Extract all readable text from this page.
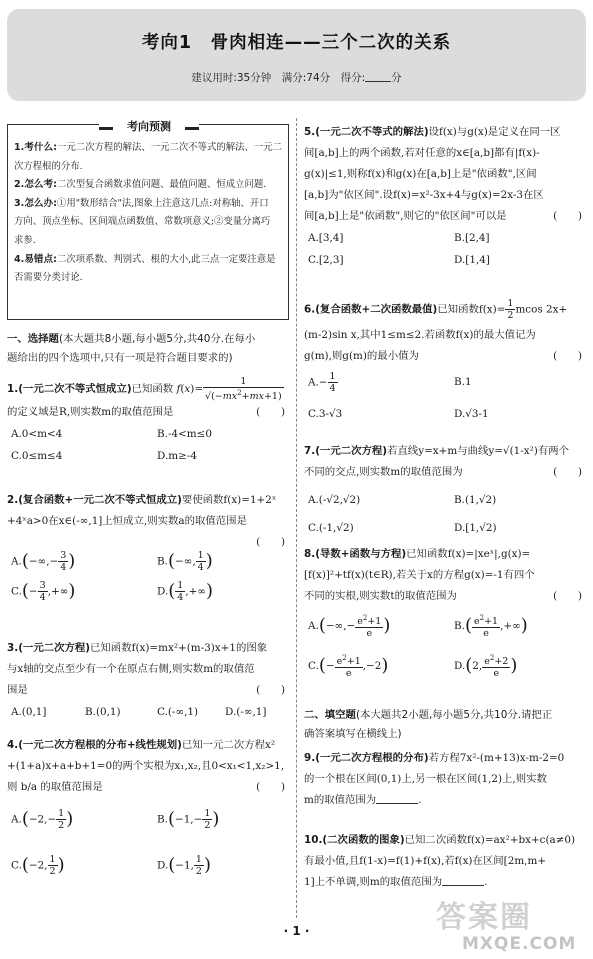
考向1　骨肉相连——三个二次的关系
建议用时:35分钟　满分:74分　得分: 分
考向预测
1.考什么:一元二次方程的解法、一元二次不等式的解法、一元二
次方程根的分布.
2.怎么考:二次型复合函数求值问题、最值问题、恒成立问题.
3.怎么办:①用"数形结合"法,图象上注意这几点:对称轴、开口
方向、顶点坐标、区间端点函数值、常数项意义;②变量分离巧
求参.
4.易错点:二次项系数、判别式、根的大小,此三点一定要注意是
否需要分类讨论.
一、选择题(本大题共8小题,每小题5分,共40分.在每小
题给出的四个选项中,只有一项是符合题目要求的)
1.(一元二次不等式恒成立)已知函数 $f(x)= \frac{1}{√(-mx^2+mx+1)}$
的定义域是R,则实数m的取值范围是	(　　)
A.0<m<4	B.-4<m≤0
C.0≤m≤4	D.m≥-4
2.(复合函数+一元二次不等式恒成立)要使函数f(x)=1+2ˣ
+4ˣa>0在x∈(-∞,1]上恒成立,则实数a的取值范围是
(　　)
$A.(-\infty,- \frac{3}{4}$ )	B.(−∞, $\frac{1}{4}$ )
$C.(- \frac{3}{4}$ ,+∞)	$D.( \frac{1}{4}$ ,+∞)
3.(一元二次方程)已知函数f(x)=mx²+(m-3)x+1的图象
与x轴的交点至少有一个在原点右侧,则实数m的取值范
围是	(　　)
A.(0,1]	B.(0,1)	C.(-∞,1)	D.(-∞,1]
4.(一元二次方程根的分布+线性规划)已知一元二次方程x²
+(1+a)x+a+b+1=0的两个实根为x₁,x₂,且0<x₁<1,x₂>1,
则 b/a 的取值范围是	(　　)
$A.(-2,- \frac{1}{2}$ )	$B.(-1,- \frac{1}{2}$ )
C.(−2, $\frac{1}{2}$ )	D.(−1, $\frac{1}{2}$ )
5.(一元二次不等式的解法)设f(x)与g(x)是定义在同一区
间[a,b]上的两个函数,若对任意的x∈[a,b]都有|f(x)-
g(x)|≤1,则称f(x)和g(x)在[a,b]上是"依函数",区间
[a,b]为"依区间".设f(x)=x²-3x+4与g(x)=2x-3在区
间[a,b]上是"依函数",则它的"依区间"可以是	(　　)
A.[3,4]	B.[2,4]
C.[2,3]	D.[1,4]
6.(复合函数+二次函数最值)已知函数$f(x)= \frac{1}{2}$ mcos 2x+
(m-2)sin x,其中1≤m≤2.若函数f(x)的最大值记为
g(m),则g(m)的最小值为	(　　)
$A.- \frac{1}{4}$	B.1
C.3-√3	D.√3-1
7.(一元二次方程)若直线y=x+m与曲线y=√(1-x²)有两个
不同的交点,则实数m的取值范围为	(　　)
A.(-√2,√2)	B.(1,√2)
C.(-1,√2)	D.[1,√2)
8.(导数+函数与方程)已知函数f(x)=|xeˣ|,g(x)=
[f(x)]²+tf(x)(t∈R),若关于x的方程g(x)=-1有四个
不同的实根,则实数t的取值范围为	(　　)
$A.(-\infty,- \frac{e^2+1}{e}$ )	$B.( \frac{e^2+1}{e}$ ,+∞)
$C.(- \frac{e^2+1}{e} ,-2)$	D.(2, $\frac{e^2+2}{e}$ )
二、填空题(本大题共2小题,每小题5分,共10分.请把正
确答案填写在横线上)
9.(一元二次方程根的分布)若方程7x²-(m+13)x-m-2=0
的一个根在区间(0,1)上,另一根在区间(1,2)上,则实数
m的取值范围为	.
10.(二次函数的图象)已知二次函数f(x)=ax²+bx+c(a≠0)
有最小值,且f(1-x)=f(1)+f(x),若f(x)在区间[2m,m+
1]上不单调,则m的取值范围为	.
· 1 ·	答案圈
MXQE.COM
